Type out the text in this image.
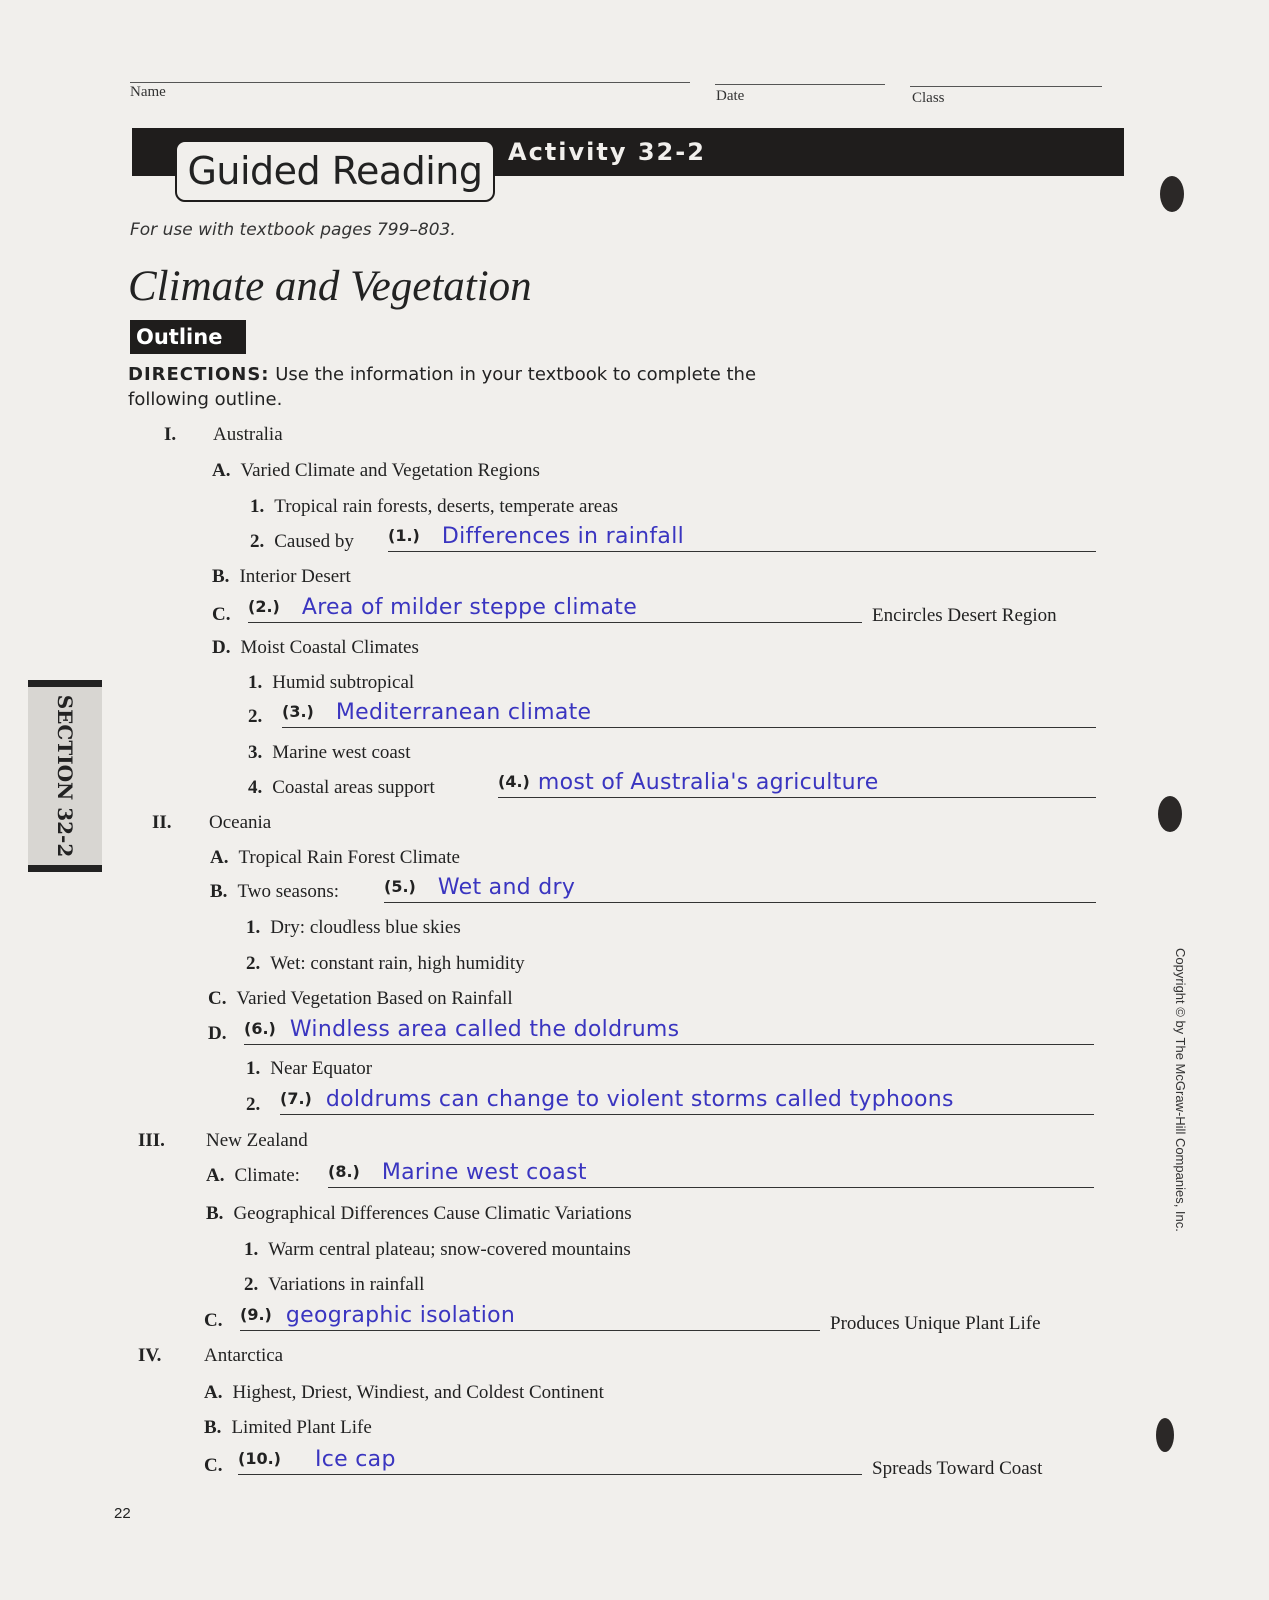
Name	Date	Class
Guided Reading	Activity 32-2
For use with textbook pages 799–803.
Climate and Vegetation
Outline
DIRECTIONS: Use the information in your textbook to complete the following outline.
I. Australia
A. Varied Climate and Vegetation Regions
1. Tropical rain forests, deserts, temperate areas
2. Caused by (1.) Differences in rainfall
B. Interior Desert
C. (2.) Area of milder steppe climate	Encircles Desert Region
D. Moist Coastal Climates
1. Humid subtropical
2. (3.) Mediterranean climate
3. Marine west coast
4. Coastal areas support	(4.) most of Australia's agriculture
II. Oceania
A. Tropical Rain Forest Climate
B. Two seasons:	(5.) Wet and dry
1. Dry: cloudless blue skies
2. Wet: constant rain, high humidity
C. Varied Vegetation Based on Rainfall
D. (6.) Windless area called the doldrums
1. Near Equator
2. (7.) doldrums can change to violent storms called typhoons
III. New Zealand
A. Climate: (8.) Marine west coast
B. Geographical Differences Cause Climatic Variations
1. Warm central plateau; snow-covered mountains
2. Variations in rainfall
C. (9.) geographic isolation	Produces Unique Plant Life
IV. Antarctica
A. Highest, Driest, Windiest, and Coldest Continent
B. Limited Plant Life
C. (10.) Ice cap	Spreads Toward Coast
SECTION 32-2
Copyright © by The McGraw-Hill Companies, Inc.
22
